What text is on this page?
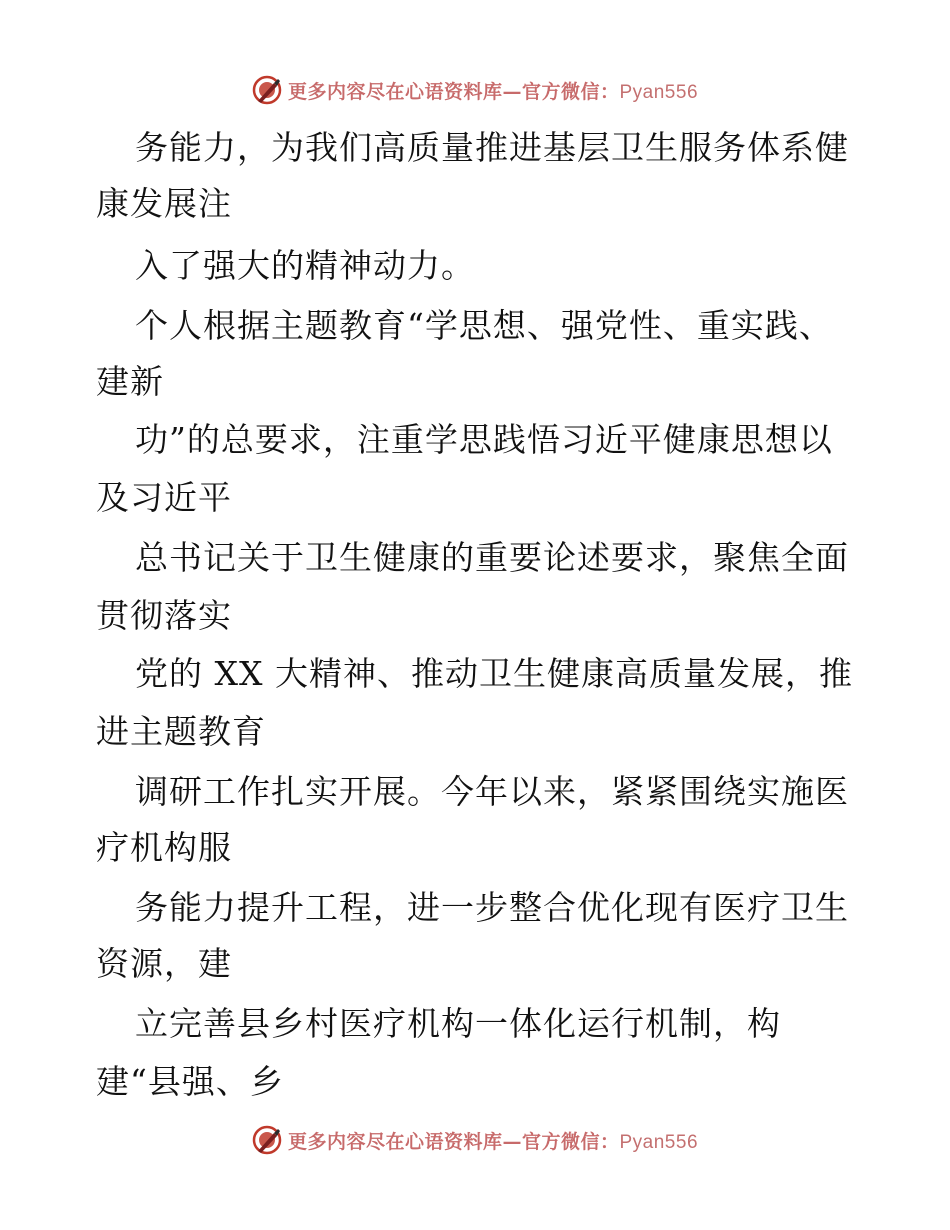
更多内容尽在心语资料库—官方微信：Pyan556
务能力，为我们高质量推进基层卫生服务体系健
康发展注
入了强大的精神动力。
个人根据主题教育“学思想、强党性、重实践、
建新
功”的总要求，注重学思践悟习近平健康思想以
及习近平
总书记关于卫生健康的重要论述要求，聚焦全面
贯彻落实
党的 XX 大精神、推动卫生健康高质量发展，推
进主题教育
调研工作扎实开展。今年以来，紧紧围绕实施医
疗机构服
务能力提升工程，进一步整合优化现有医疗卫生
资源，建
立完善县乡村医疗机构一体化运行机制，构
建“县强、乡
更多内容尽在心语资料库—官方微信：Pyan556
